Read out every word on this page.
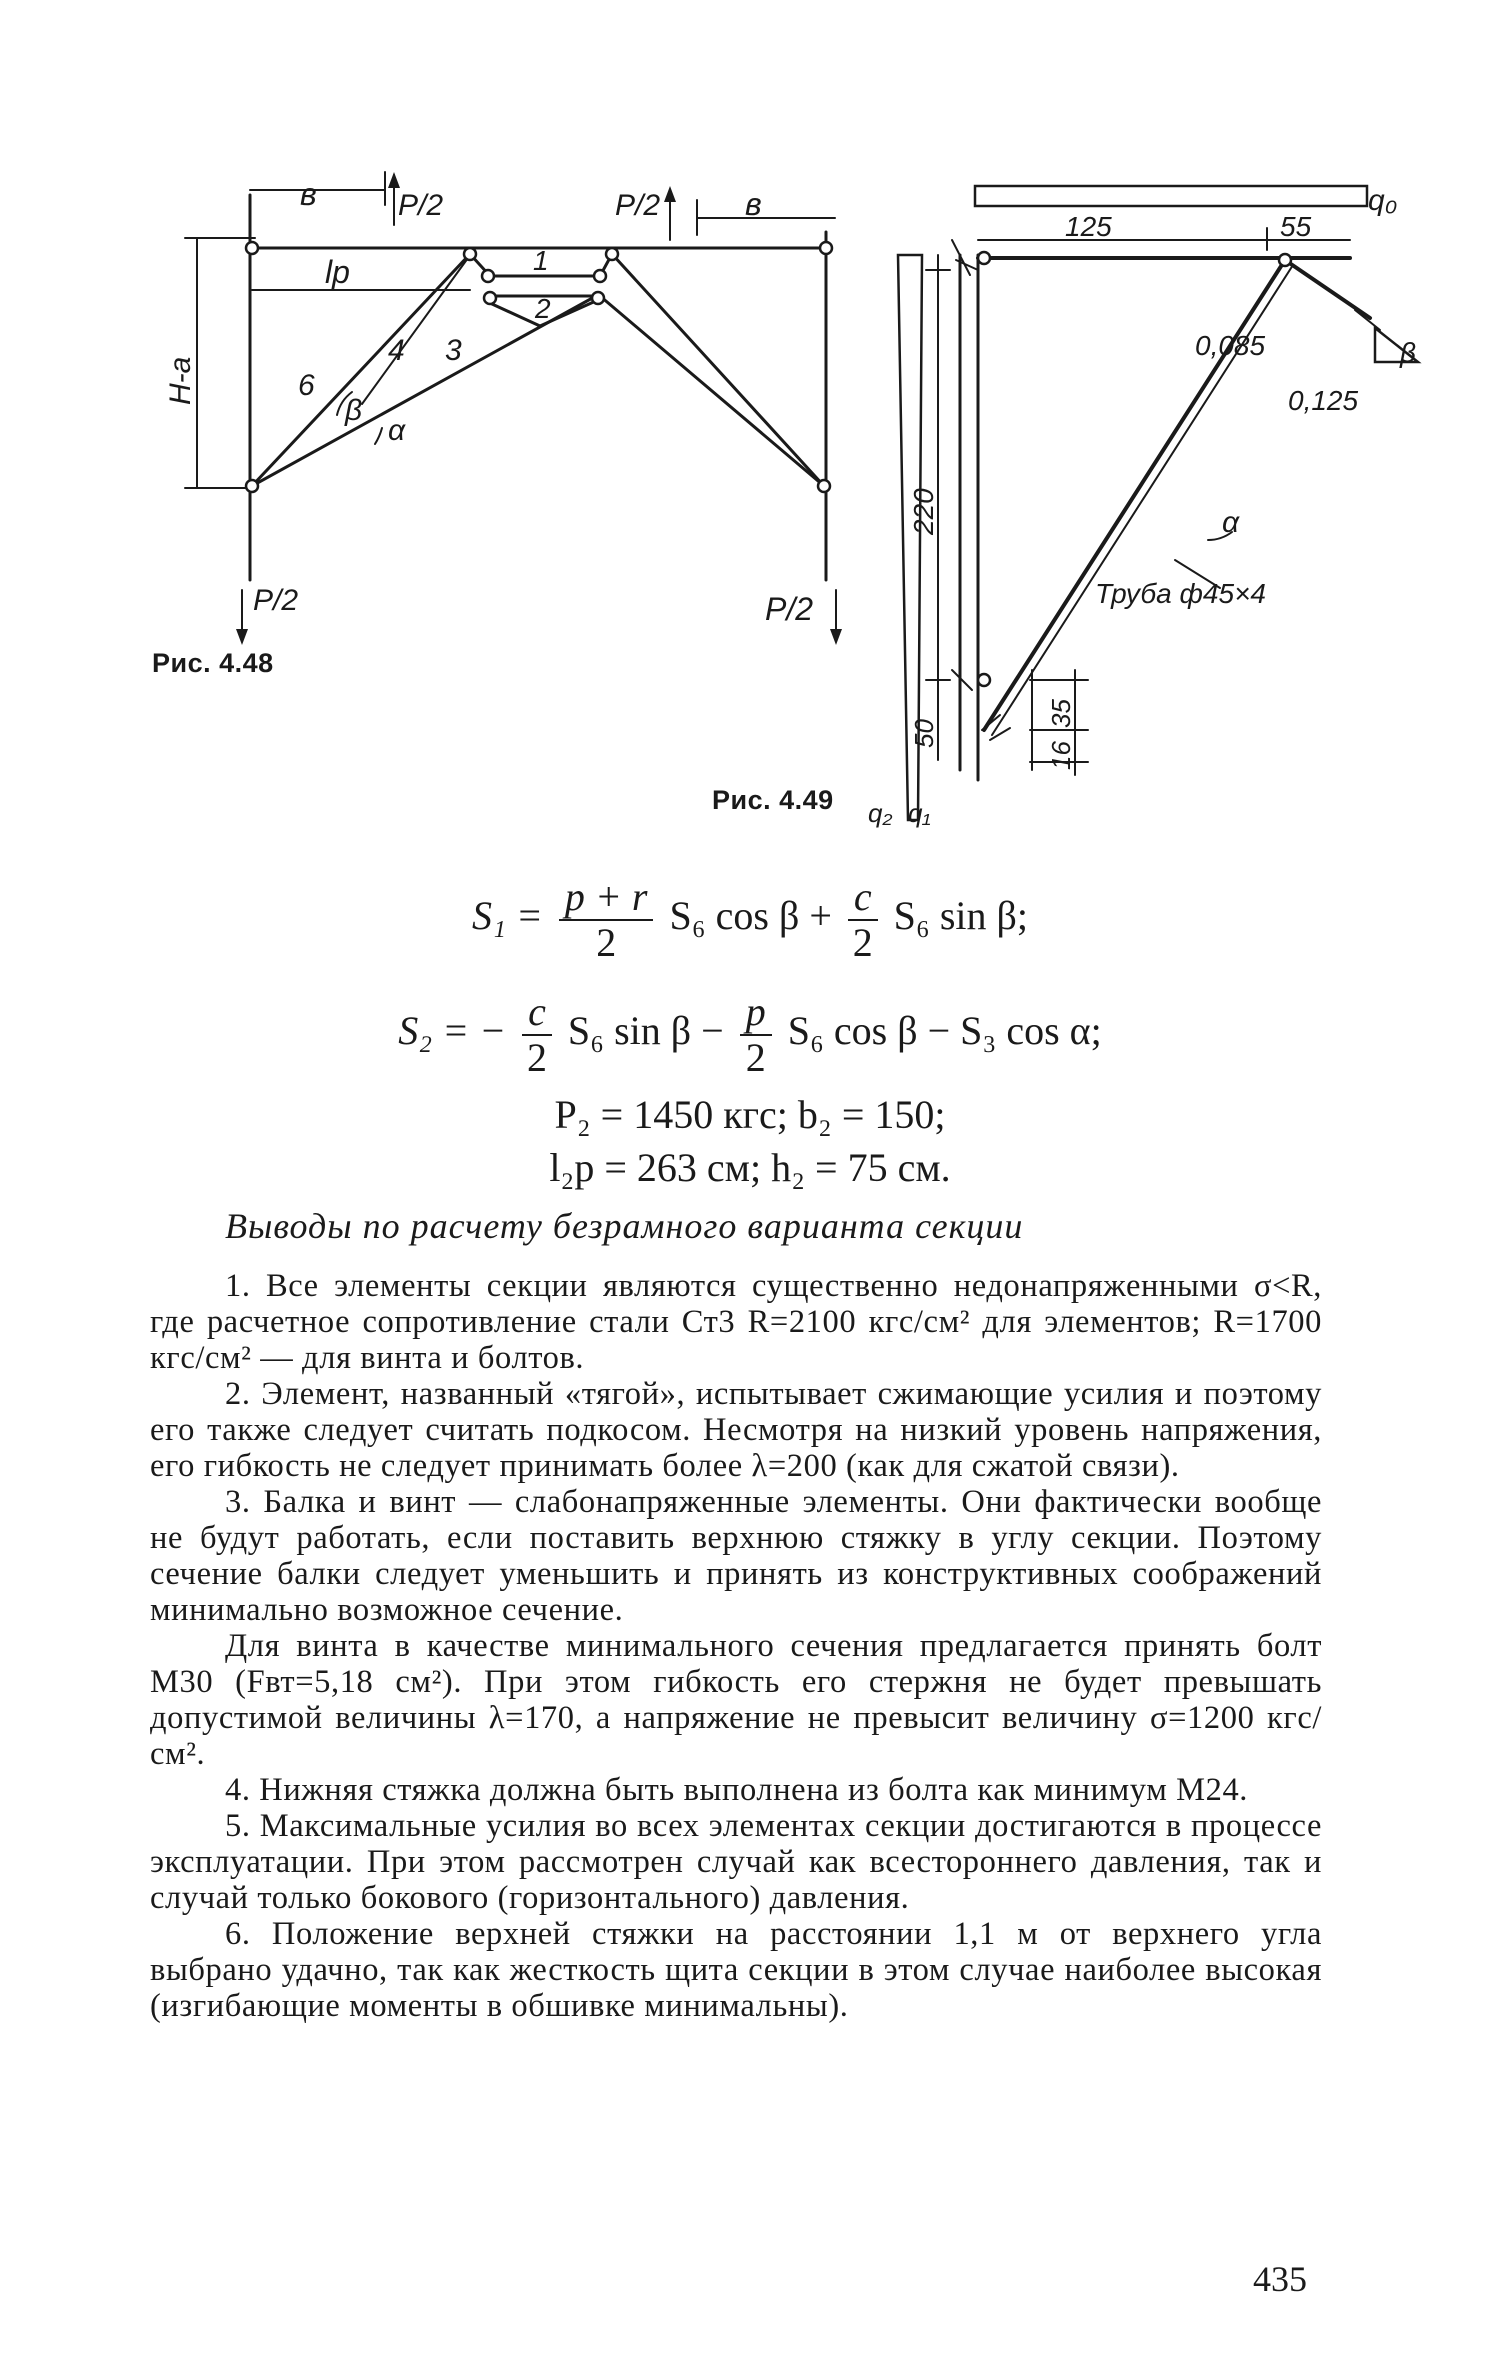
в	P/2	P/2	в
lр
H-a
1
2
3
4
6
β
α
P/2	P/2
Рис. 4.48
q₀
125	55
0,085
0,125
β
α
220
Труба ф45×4
50
35
16
q₂ q₁
Рис. 4.49
$S_1 = \frac{p + r}{2} S_6$ $\cos \beta + \frac{c}{2} S_6$ sin β;
S₂ = − $\frac{c}{2} S_6$ $\sin \beta - \frac{p}{2} S_6$ cos β − S₃ cos α;
P₂ = 1450 кгс; b₂ = 150;
l₂р = 263 см; h₂ = 75 см.
Выводы по расчету безрамного варианта секции

1. Все элементы секции являются существенно недонапряженными σ<R, где расчетное сопротивление стали Ст3 R=2100 кгс/см² для элементов; R=1700 кгс/см² — для винта и болтов.

2. Элемент, названный «тягой», испытывает сжимающие усилия и поэтому его также следует считать подкосом. Несмотря на низкий уровень напряжения, его гибкость не следует принимать более λ=200 (как для сжатой связи).

3. Балка и винт — слабонапряженные элементы. Они фактически вообще не будут работать, если поставить верхнюю стяжку в углу секции. Поэтому сечение балки следует уменьшить и принять из конструктивных соображений минимально возможное сечение.

Для винта в качестве минимального сечения предлагается принять болт М30 (Fвт=5,18 см²). При этом гибкость его стержня не будет превышать допустимой величины λ=170, а напряжение не превысит величину σ=1200 кгс/см².

4. Нижняя стяжка должна быть выполнена из болта как минимум М24.

5. Максимальные усилия во всех элементах секции достигаются в процессе эксплуатации. При этом рассмотрен случай как всестороннего давления, так и случай только бокового (горизонтального) давления.

6. Положение верхней стяжки на расстоянии 1,1 м от верхнего угла выбрано удачно, так как жесткость щита секции в этом случае наиболее высокая (изгибающие моменты в обшивке минимальны).

435
